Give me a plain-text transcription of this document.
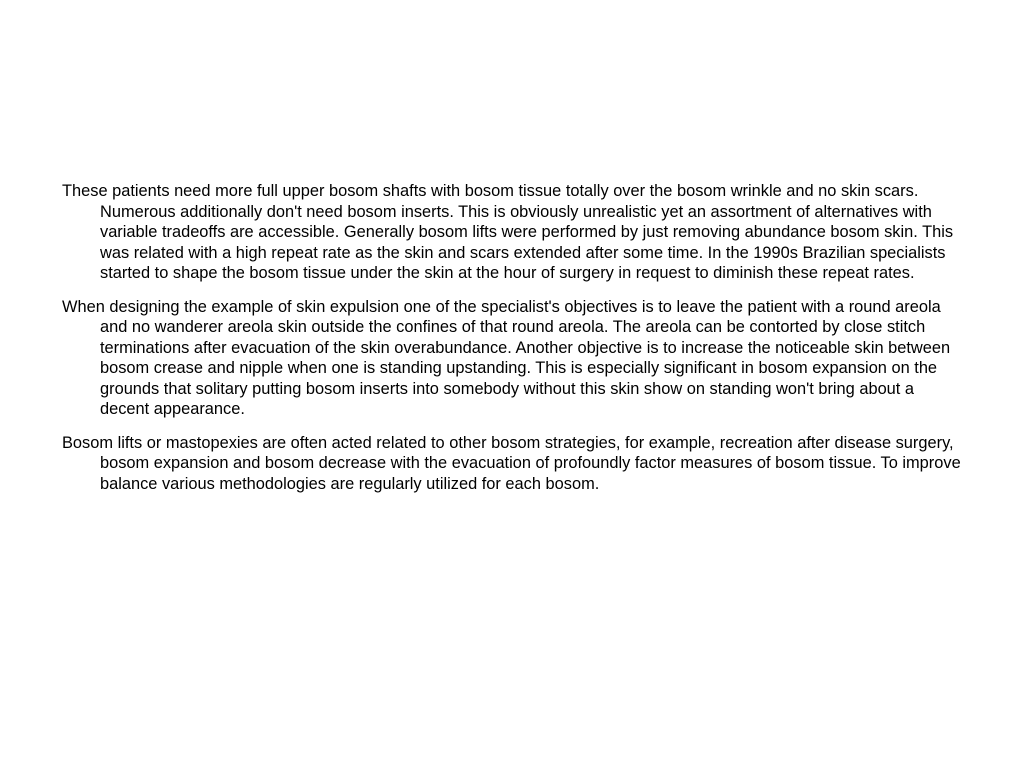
These patients need more full upper bosom shafts with bosom tissue totally over the bosom wrinkle and no skin scars. Numerous additionally don't need bosom inserts. This is obviously unrealistic yet an assortment of alternatives with variable tradeoffs are accessible. Generally bosom lifts were performed by just removing abundance bosom skin. This was related with a high repeat rate as the skin and scars extended after some time. In the 1990s Brazilian specialists started to shape the bosom tissue under the skin at the hour of surgery in request to diminish these repeat rates.

When designing the example of skin expulsion one of the specialist's objectives is to leave the patient with a round areola and no wanderer areola skin outside the confines of that round areola. The areola can be contorted by close stitch terminations after evacuation of the skin overabundance. Another objective is to increase the noticeable skin between bosom crease and nipple when one is standing upstanding. This is especially significant in bosom expansion on the grounds that solitary putting bosom inserts into somebody without this skin show on standing won't bring about a decent appearance.

Bosom lifts or mastopexies are often acted related to other bosom strategies, for example, recreation after disease surgery, bosom expansion and bosom decrease with the evacuation of profoundly factor measures of bosom tissue. To improve balance various methodologies are regularly utilized for each bosom.
